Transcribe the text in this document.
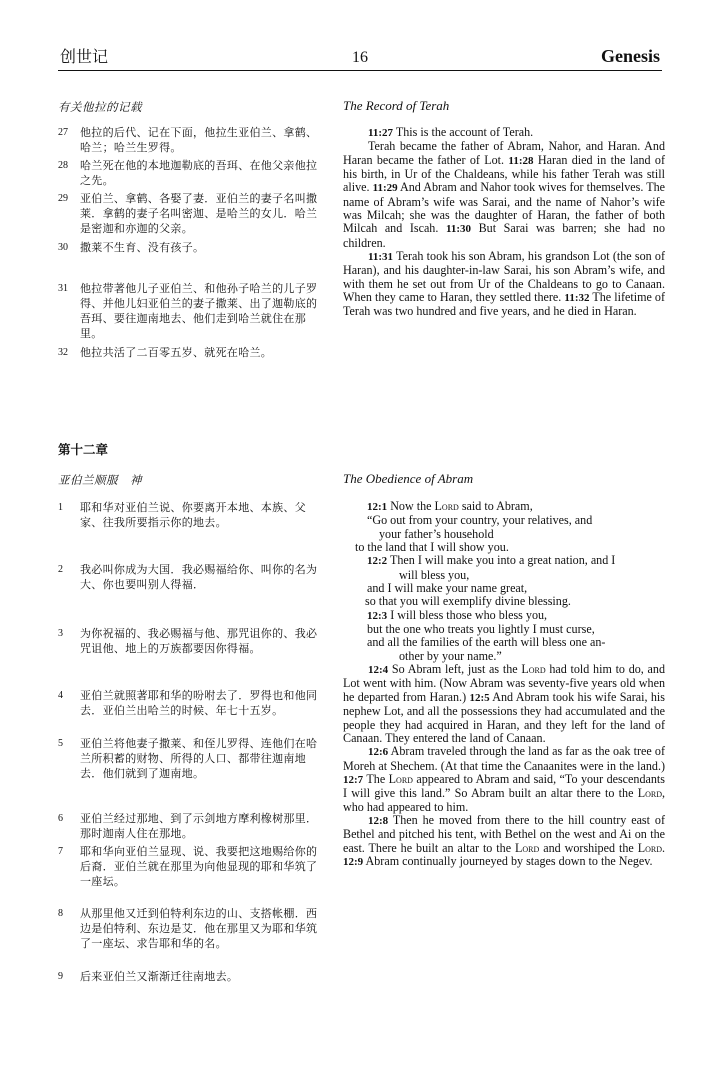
创世记	16	Genesis
有关他拉的记载	The Record of Terah
27	他拉的后代、记在下面，他拉生亚伯兰、拿鹤、哈兰；哈兰生罗得。
28	哈兰死在他的本地迦勒底的吾珥、在他父亲他拉之先。
29	亚伯兰、拿鹤、各娶了妻．亚伯兰的妻子名叫撒莱．拿鹤的妻子名叫密迦、是哈兰的女儿．哈兰是密迦和亦迦的父亲。
30	撒莱不生育、没有孩子。
31	他拉带著他儿子亚伯兰、和他孙子哈兰的儿子罗得、并他儿妇亚伯兰的妻子撒莱、出了迦勒底的吾珥、要往迦南地去、他们走到哈兰就住在那里。
32	他拉共活了二百零五岁、就死在哈兰。

11:27 This is the account of Terah.

Terah became the father of Abram, Nahor, and Haran. And Haran became the father of Lot. 11:28 Haran died in the land of his birth, in Ur of the Chaldeans, while his father Terah was still alive. 11:29 And Abram and Nahor took wives for themselves. The name of Abram’s wife was Sarai, and the name of Nahor’s wife was Milcah; she was the daughter of Haran, the father of both Milcah and Iscah. 11:30 But Sarai was barren; she had no children.

11:31 Terah took his son Abram, his grandson Lot (the son of Haran), and his daughter-in-law Sarai, his son Abram’s wife, and with them he set out from Ur of the Chaldeans to go to Canaan. When they came to Haran, they settled there. 11:32 The lifetime of Terah was two hundred and five years, and he died in Haran.

第十二章
亚伯兰顺服　神	The Obedience of Abram
1	耶和华对亚伯兰说、你要离开本地、本族、父家、往我所要指示你的地去。
2	我必叫你成为大国．我必赐福给你、叫你的名为大、你也要叫别人得福．
3	为你祝福的、我必赐福与他、那咒诅你的、我必咒诅他、地上的万族都要因你得福。
4	亚伯兰就照著耶和华的吩咐去了．罗得也和他同去．亚伯兰出哈兰的时候、年七十五岁。
5	亚伯兰将他妻子撒莱、和侄儿罗得、连他们在哈兰所积蓄的财物、所得的人口、都带往迦南地去．他们就到了迦南地。
6	亚伯兰经过那地、到了示剑地方摩利橡树那里．那时迦南人住在那地。
7	耶和华向亚伯兰显现、说、我要把这地赐给你的后裔．亚伯兰就在那里为向他显现的耶和华筑了一座坛。
8	从那里他又迁到伯特利东边的山、支搭帐棚．西边是伯特利、东边是艾．他在那里又为耶和华筑了一座坛、求告耶和华的名。
9	后来亚伯兰又渐渐迁往南地去。
12:1 Now the Lord said to Abram,
“Go out from your country, your relatives, and
your father’s household
to the land that I will show you.
12:2 Then I will make you into a great nation, and I
will bless you,
and I will make your name great,
so that you will exemplify divine blessing.
12:3 I will bless those who bless you,
but the one who treats you lightly I must curse,
and all the families of the earth will bless one an-
other by your name.”

12:4 So Abram left, just as the Lord had told him to do, and Lot went with him. (Now Abram was seventy-five years old when he departed from Haran.) 12:5 And Abram took his wife Sarai, his nephew Lot, and all the possessions they had accumulated and the people they had acquired in Haran, and they left for the land of Canaan. They entered the land of Canaan.

12:6 Abram traveled through the land as far as the oak tree of Moreh at Shechem. (At that time the Canaanites were in the land.) 12:7 The Lord appeared to Abram and said, “To your descendants I will give this land.” So Abram built an altar there to the Lord, who had appeared to him.

12:8 Then he moved from there to the hill country east of Bethel and pitched his tent, with Bethel on the west and Ai on the east. There he built an altar to the Lord and worshiped the Lord. 12:9 Abram continually journeyed by stages down to the Negev.
